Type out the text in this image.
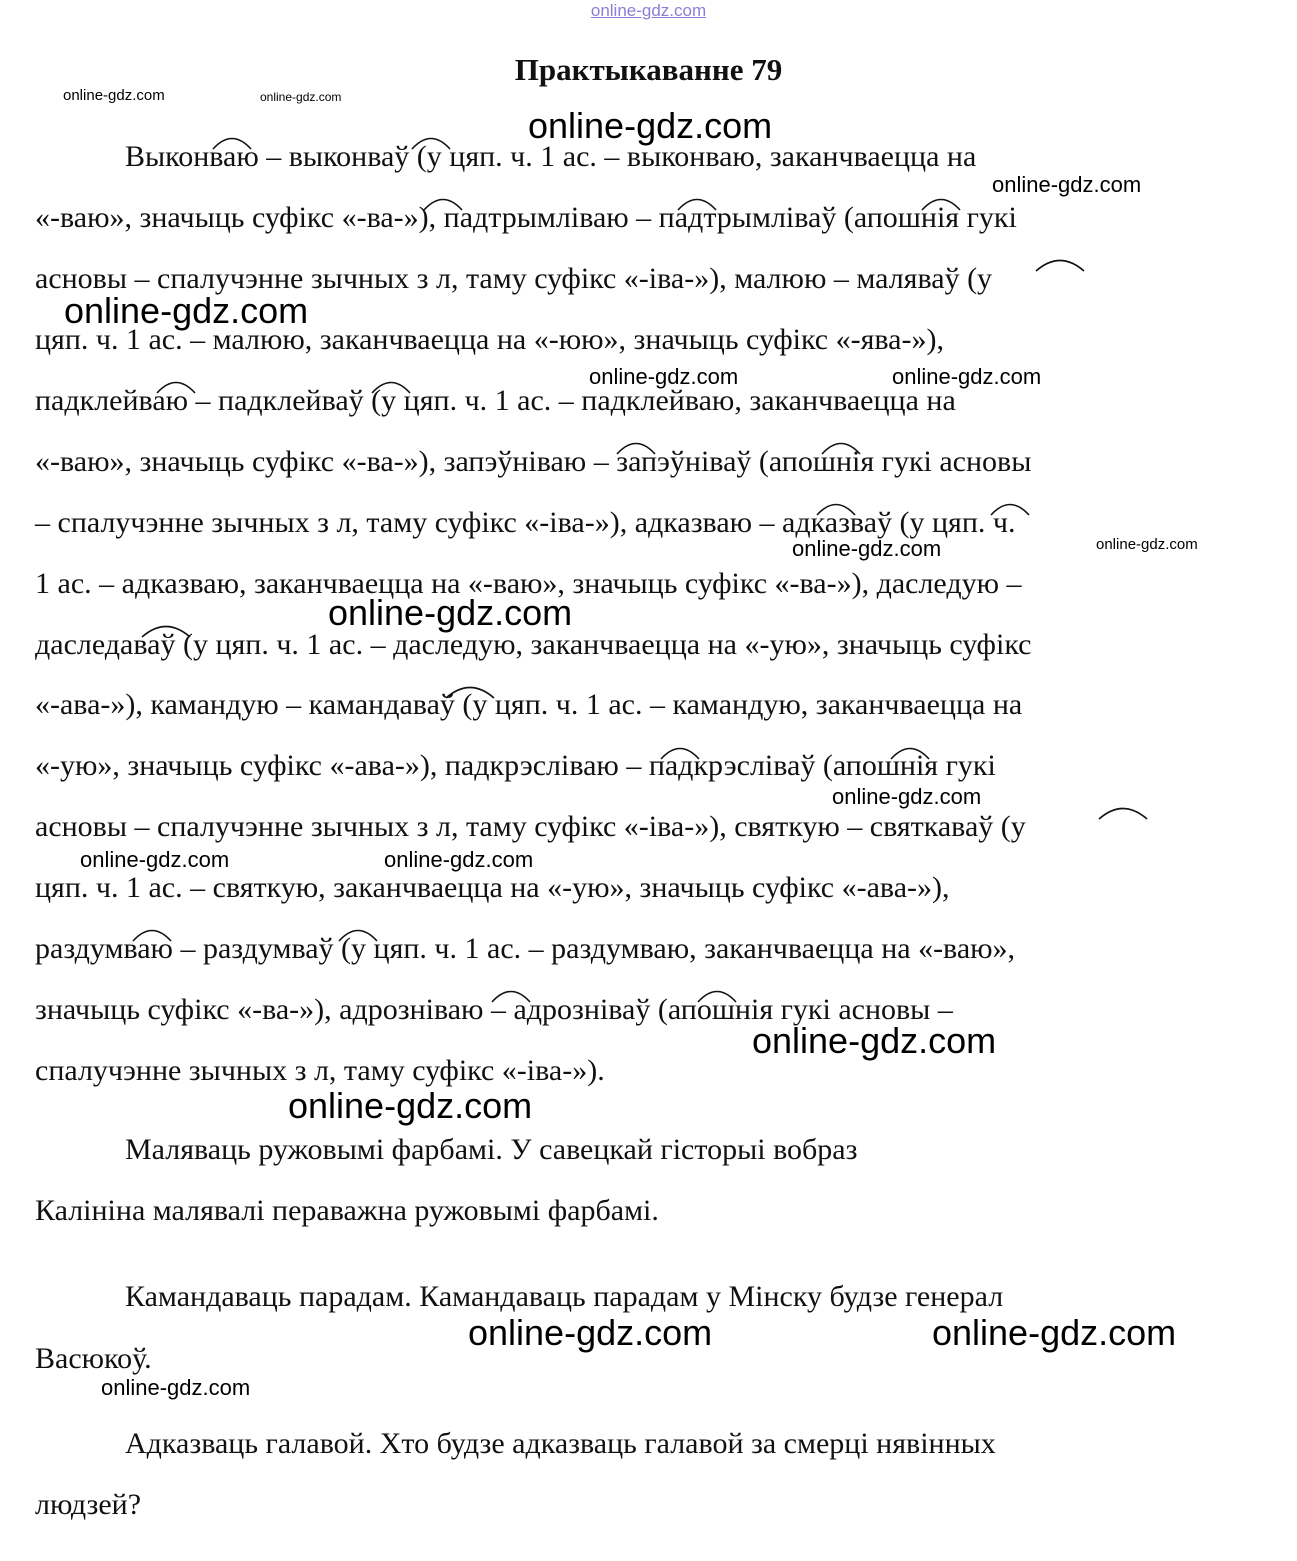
online-gdz.com
Практыкаванне 79
Выконваю – выконваў (у цяп. ч. 1 ас. – выконваю, заканчваецца на
«-ваю», значыць суфікс «-ва-»), падтрымліваю – падтрымліваў (апошнія гукі
асновы – спалучэнне зычных з л, таму суфікс «-іва-»), малюю – маляваў (у
цяп. ч. 1 ас. – малюю, заканчваецца на «-юю», значыць суфікс «-ява-»),
падклейваю – падклейваў (у цяп. ч. 1 ас. – падклейваю, заканчваецца на
«-ваю», значыць суфікс «-ва-»), запэўніваю – запэўніваў (апошнія гукі асновы
– спалучэнне зычных з л, таму суфікс «-іва-»), адказваю – адказваў (у цяп. ч.
1 ас. – адказваю, заканчваецца на «-ваю», значыць суфікс «-ва-»), даследую –
даследаваў (у цяп. ч. 1 ас. – даследую, заканчваецца на «-ую», значыць суфікс
«-ава-»), камандую – камандаваў (у цяп. ч. 1 ас. – камандую, заканчваецца на
«-ую», значыць суфікс «-ава-»), падкрэсліваю – падкрэсліваў (апошнія гукі
асновы – спалучэнне зычных з л, таму суфікс «-іва-»), святкую – святкаваў (у
цяп. ч. 1 ас. – святкую, заканчваецца на «-ую», значыць суфікс «-ава-»),
раздумваю – раздумваў (у цяп. ч. 1 ас. – раздумваю, заканчваецца на «-ваю»,
значыць суфікс «-ва-»), адрозніваю – адрозніваў (апошнія гукі асновы –
спалучэнне зычных з л, таму суфікс «-іва-»).
Маляваць ружовымі фарбамі. У савецкай гісторыі вобраз
Калініна малявалі пераважна ружовымі фарбамі.
Камандаваць парадам. Камандаваць парадам у Мінску будзе генерал
Васюкоў.
Адказваць галавой. Хто будзе адказваць галавой за смерці нявінных
людзей?
online-gdz.com	online-gdz.com
online-gdz.com
online-gdz.com
online-gdz.com
online-gdz.com	online-gdz.com
online-gdz.com	online-gdz.com
online-gdz.com
online-gdz.com
online-gdz.com	online-gdz.com
online-gdz.com
online-gdz.com
online-gdz.com	online-gdz.com
online-gdz.com
